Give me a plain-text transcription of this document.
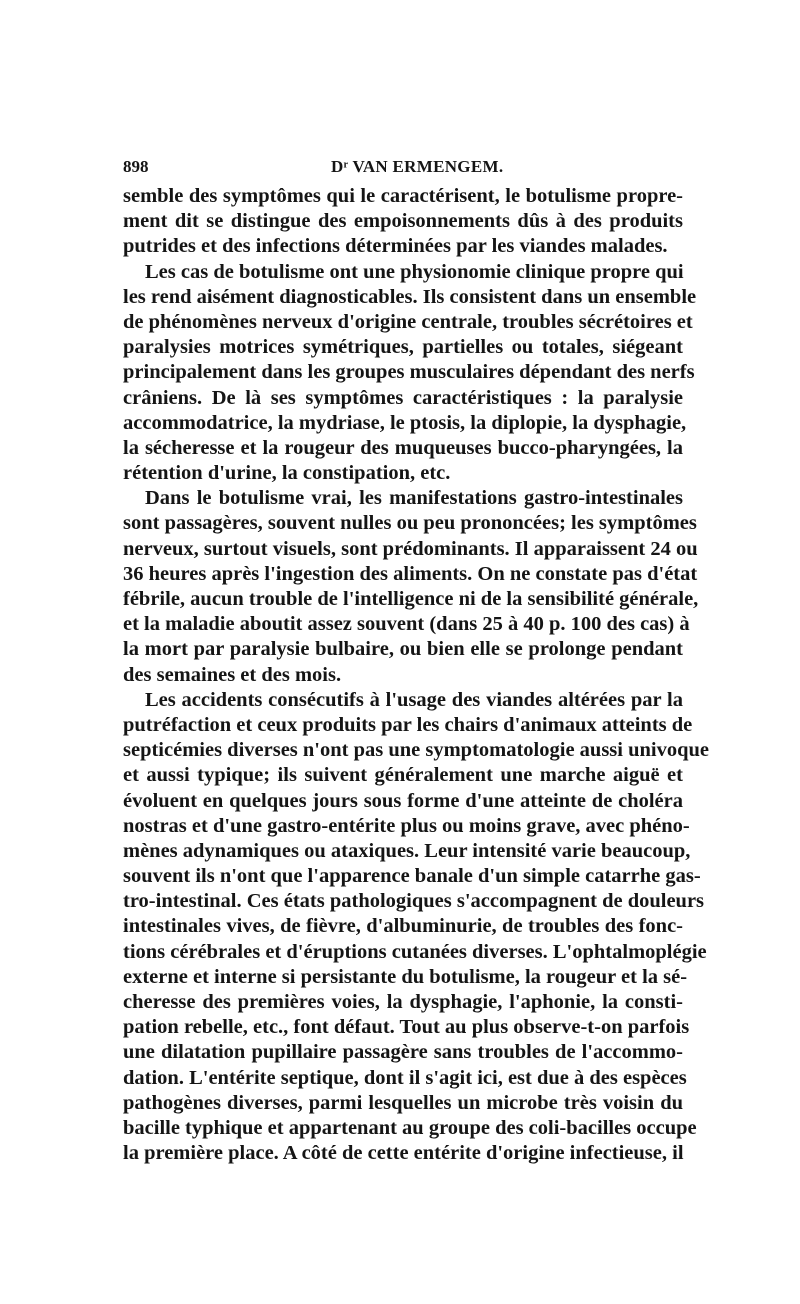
898	Dʳ VAN ERMENGEM.
semble des symptômes qui le caractérisent, le botulisme propre-
ment dit se distingue des empoisonnements dûs à des produits
putrides et des infections déterminées par les viandes malades.
Les cas de botulisme ont une physionomie clinique propre qui
les rend aisément diagnosticables. Ils consistent dans un ensemble
de phénomènes nerveux d'origine centrale, troubles sécrétoires et
paralysies motrices symétriques, partielles ou totales, siégeant
principalement dans les groupes musculaires dépendant des nerfs
crâniens. De là ses symptômes caractéristiques : la paralysie
accommodatrice, la mydriase, le ptosis, la diplopie, la dysphagie,
la sécheresse et la rougeur des muqueuses bucco-pharyngées, la
rétention d'urine, la constipation, etc.
Dans le botulisme vrai, les manifestations gastro-intestinales
sont passagères, souvent nulles ou peu prononcées; les symptômes
nerveux, surtout visuels, sont prédominants. Il apparaissent 24 ou
36 heures après l'ingestion des aliments. On ne constate pas d'état
fébrile, aucun trouble de l'intelligence ni de la sensibilité générale,
et la maladie aboutit assez souvent (dans 25 à 40 p. 100 des cas) à
la mort par paralysie bulbaire, ou bien elle se prolonge pendant
des semaines et des mois.
Les accidents consécutifs à l'usage des viandes altérées par la
putréfaction et ceux produits par les chairs d'animaux atteints de
septicémies diverses n'ont pas une symptomatologie aussi univoque
et aussi typique; ils suivent généralement une marche aiguë et
évoluent en quelques jours sous forme d'une atteinte de choléra
nostras et d'une gastro-entérite plus ou moins grave, avec phéno-
mènes adynamiques ou ataxiques. Leur intensité varie beaucoup,
souvent ils n'ont que l'apparence banale d'un simple catarrhe gas-
tro-intestinal. Ces états pathologiques s'accompagnent de douleurs
intestinales vives, de fièvre, d'albuminurie, de troubles des fonc-
tions cérébrales et d'éruptions cutanées diverses. L'ophtalmoplégie
externe et interne si persistante du botulisme, la rougeur et la sé-
cheresse des premières voies, la dysphagie, l'aphonie, la consti-
pation rebelle, etc., font défaut. Tout au plus observe-t-on parfois
une dilatation pupillaire passagère sans troubles de l'accommo-
dation. L'entérite septique, dont il s'agit ici, est due à des espèces
pathogènes diverses, parmi lesquelles un microbe très voisin du
bacille typhique et appartenant au groupe des coli-bacilles occupe
la première place. A côté de cette entérite d'origine infectieuse, il
